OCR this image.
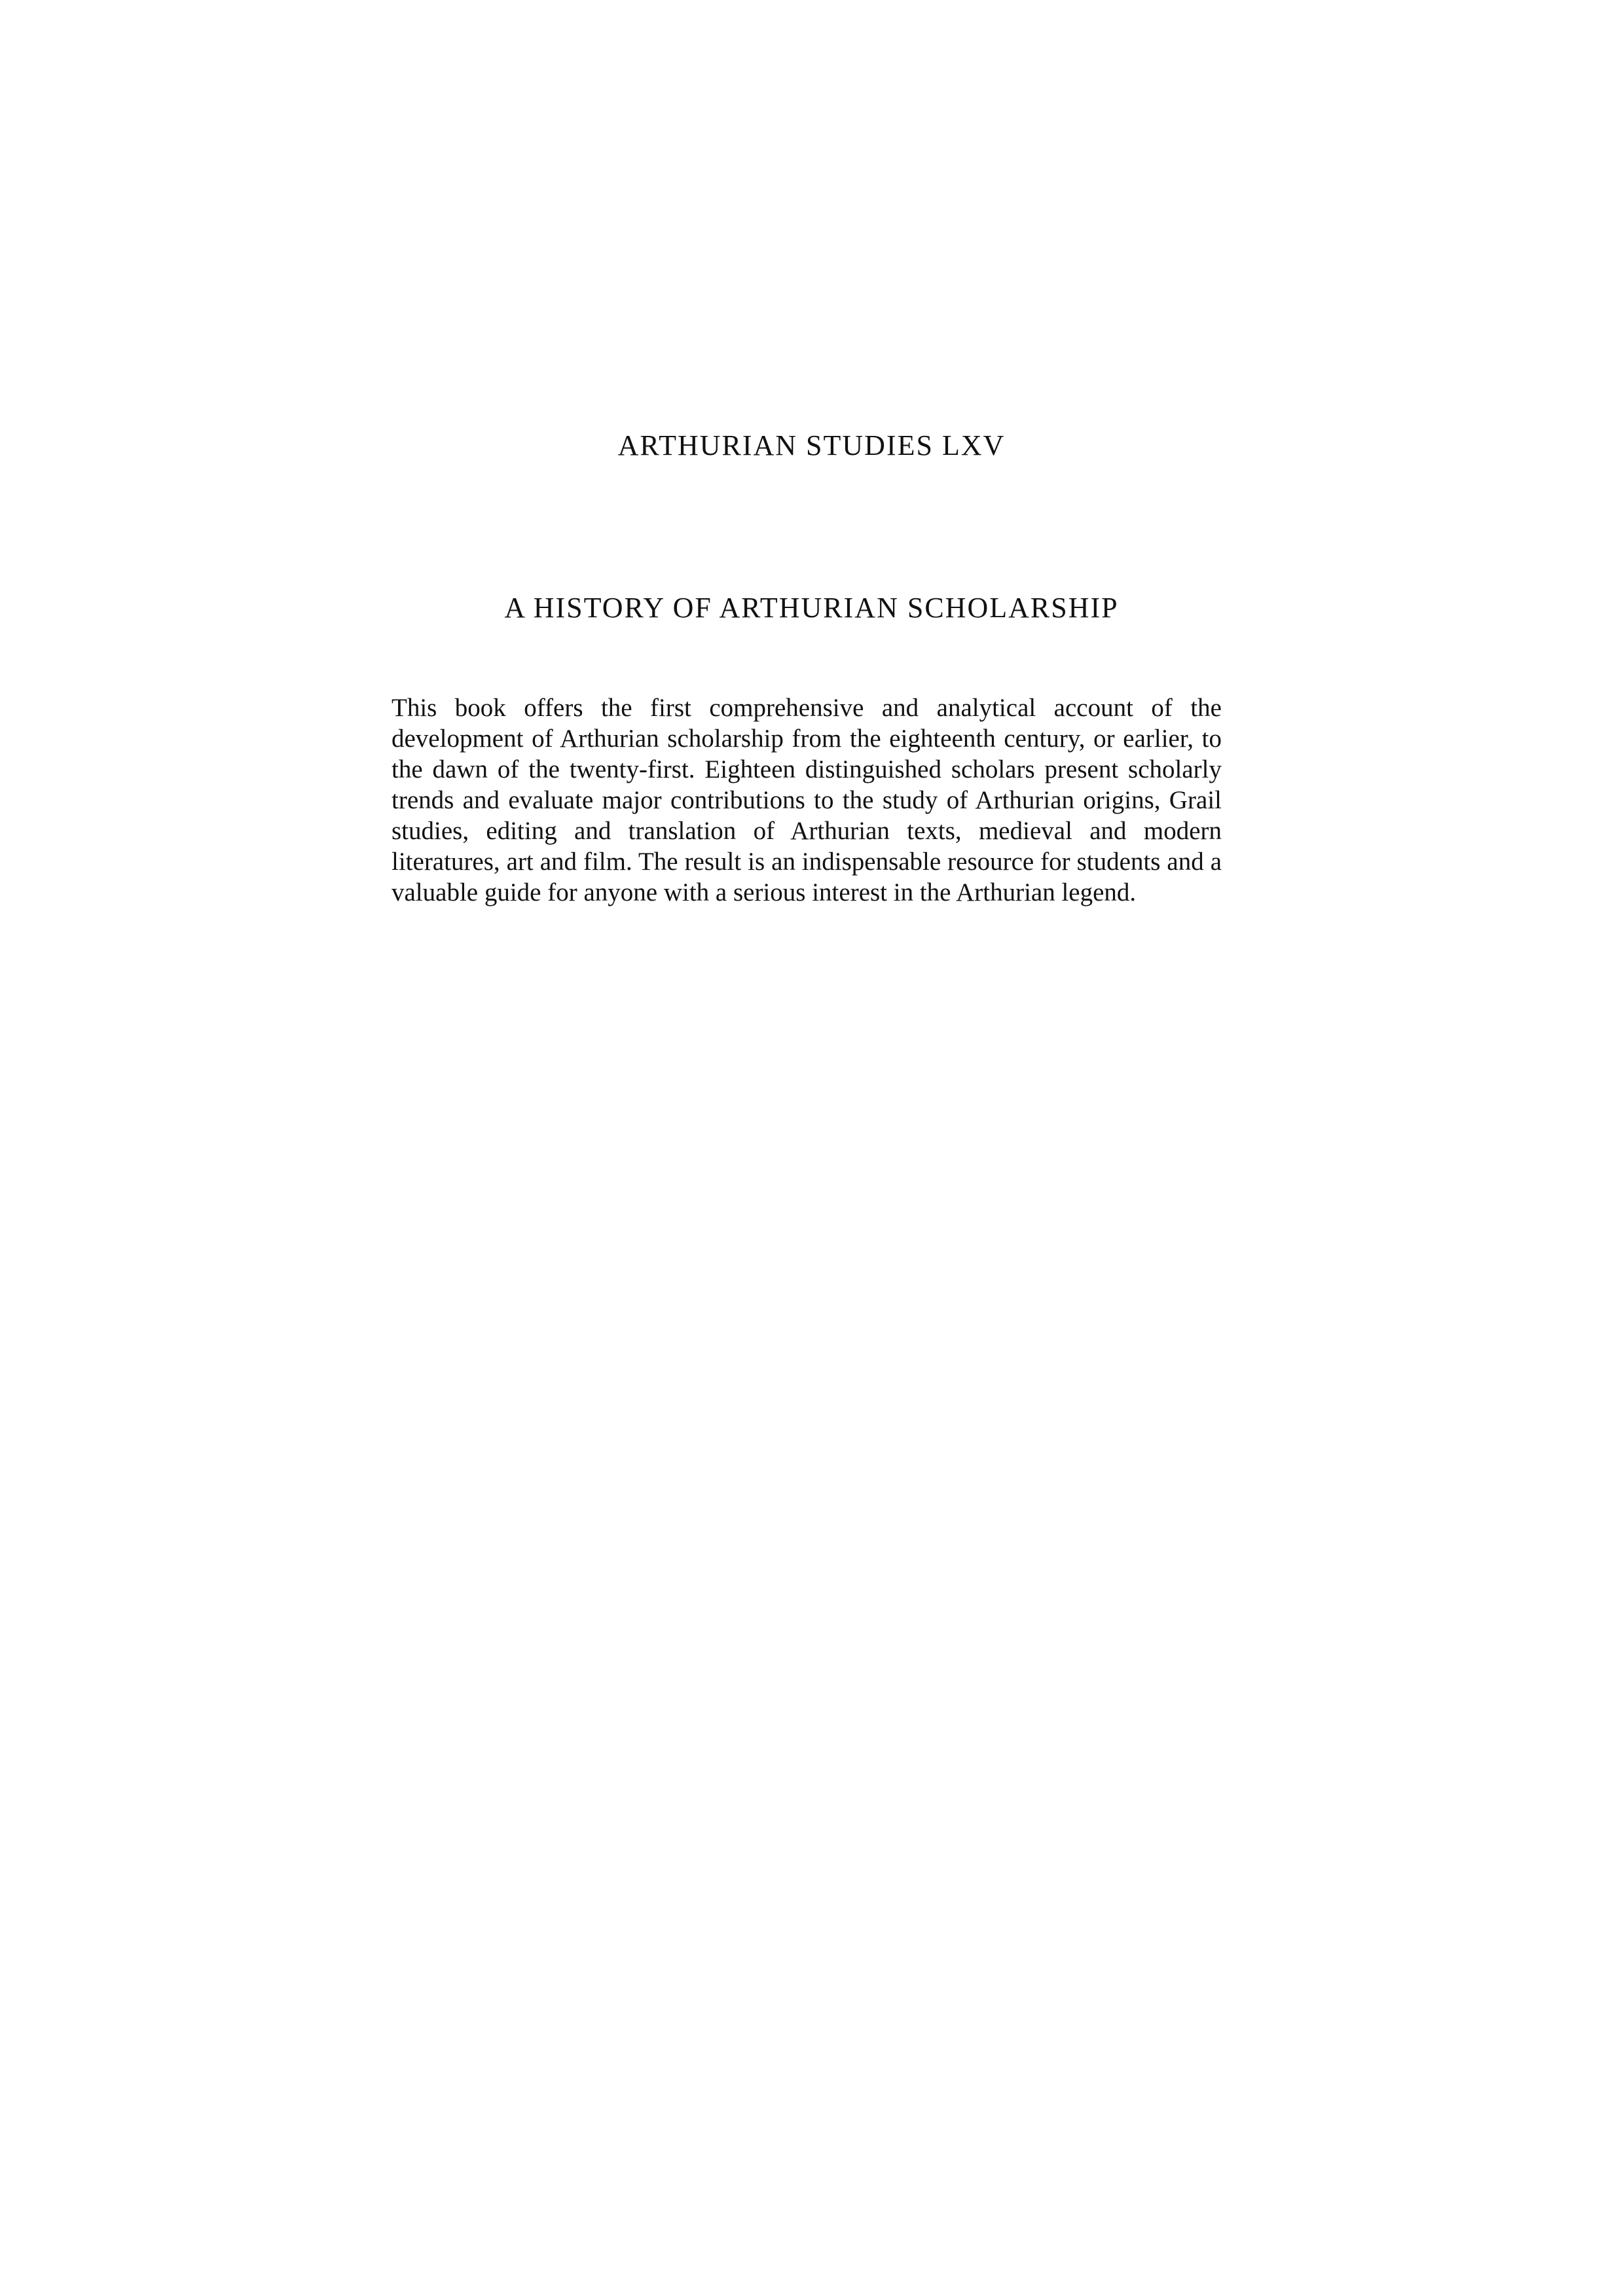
ARTHURIAN STUDIES LXV
A HISTORY OF ARTHURIAN SCHOLARSHIP

This book offers the first comprehensive and analytical account of the development of Arthurian scholarship from the eighteenth century, or earlier, to the dawn of the twenty-first. Eighteen distinguished scholars present scholarly trends and evaluate major contributions to the study of Arthurian origins, Grail studies, editing and translation of Arthurian texts, medieval and modern literatures, art and film. The result is an indispensable resource for students and a valuable guide for anyone with a serious interest in the Arthurian legend.
